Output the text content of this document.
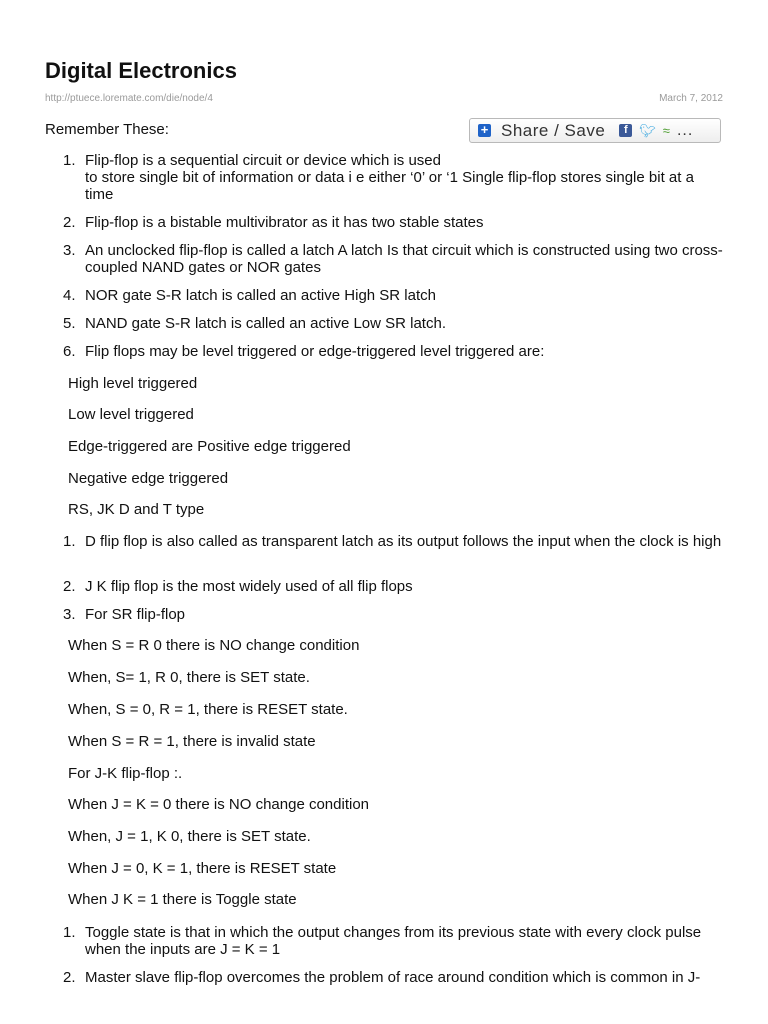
Digital Electronics
http://ptuece.loremate.com/die/node/4	March 7, 2012

Remember These:	+ Share / Save	f 🐦︎ ≈ ...
1. Flip-flop is a sequential circuit or device which is used
to store single bit of information or data i e either ‘0’ or ‘1 Single flip-flop stores single bit at a time
2. Flip-flop is a bistable multivibrator as it has two stable states
3. An unclocked flip-flop is called a latch A latch Is that circuit which is constructed using two cross-coupled NAND gates or NOR gates
4. NOR gate S-R latch is called an active High SR latch
5. NAND gate S-R latch is called an active Low SR latch.
6. Flip flops may be level triggered or edge-triggered level triggered are:
High level triggered
Low level triggered
Edge-triggered are Positive edge triggered
Negative edge triggered
RS, JK D and T type
1. D flip flop is also called as transparent latch as its output follows the input when the clock is high
2. J K flip flop is the most widely used of all flip flops
3. For SR flip-flop
When S = R 0 there is NO change condition
When, S= 1, R 0, there is SET state.
When, S = 0, R = 1, there is RESET state.
When S = R = 1, there is invalid state
For J-K flip-flop :.
When J = K = 0 there is NO change condition
When, J = 1, K 0, there is SET state.
When J = 0, K = 1, there is RESET state
When J K = 1 there is Toggle state
1. Toggle state is that in which the output changes from its previous state with every clock pulse when the inputs are J = K = 1
2. Master slave flip-flop overcomes the problem of race around condition which is common in J-
